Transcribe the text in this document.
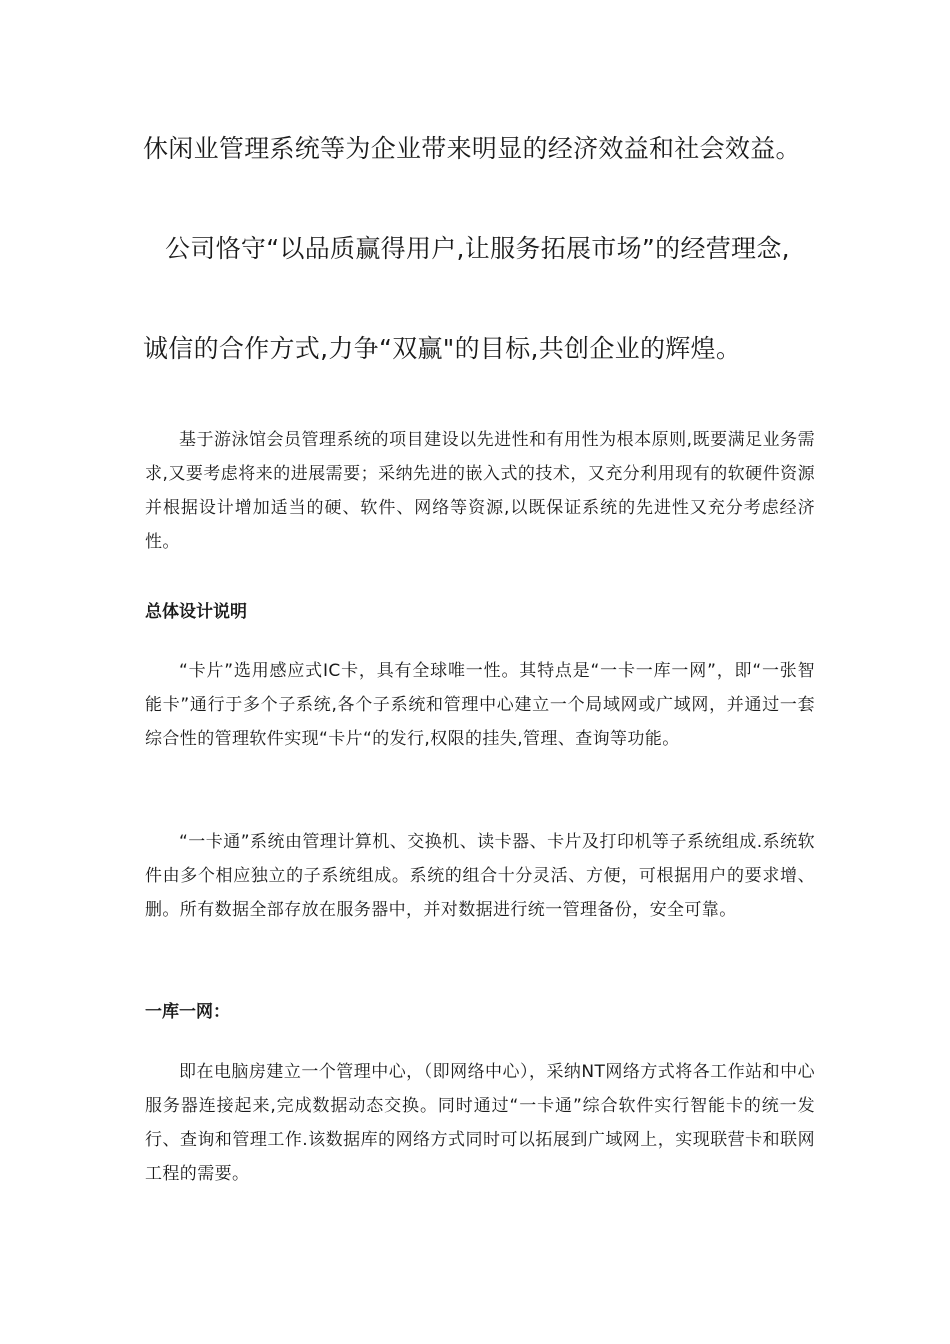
休闲业管理系统等为企业带来明显的经济效益和社会效益。
公司恪守“以品质赢得用户,让服务拓展市场”的经营理念,
诚信的合作方式,力争“双赢"的目标,共创企业的辉煌。

基于游泳馆会员管理系统的项目建设以先进性和有用性为根本原则,既要满足业务需求,又要考虑将来的进展需要；采纳先进的嵌入式的技术，又充分利用现有的软硬件资源并根据设计增加适当的硬、软件、网络等资源,以既保证系统的先进性又充分考虑经济性。

总体设计说明

“卡片”选用感应式IC卡，具有全球唯一性。其特点是“一卡一库一网”，即“一张智能卡”通行于多个子系统,各个子系统和管理中心建立一个局域网或广域网，并通过一套综合性的管理软件实现“卡片“的发行,权限的挂失,管理、查询等功能。

“一卡通”系统由管理计算机、交换机、读卡器、卡片及打印机等子系统组成.系统软件由多个相应独立的子系统组成。系统的组合十分灵活、方便，可根据用户的要求增、删。所有数据全部存放在服务器中，并对数据进行统一管理备份，安全可靠。

一库一网：

即在电脑房建立一个管理中心，（即网络中心），采纳NT网络方式将各工作站和中心服务器连接起来,完成数据动态交换。同时通过“一卡通”综合软件实行智能卡的统一发行、查询和管理工作.该数据库的网络方式同时可以拓展到广域网上，实现联营卡和联网工程的需要。
